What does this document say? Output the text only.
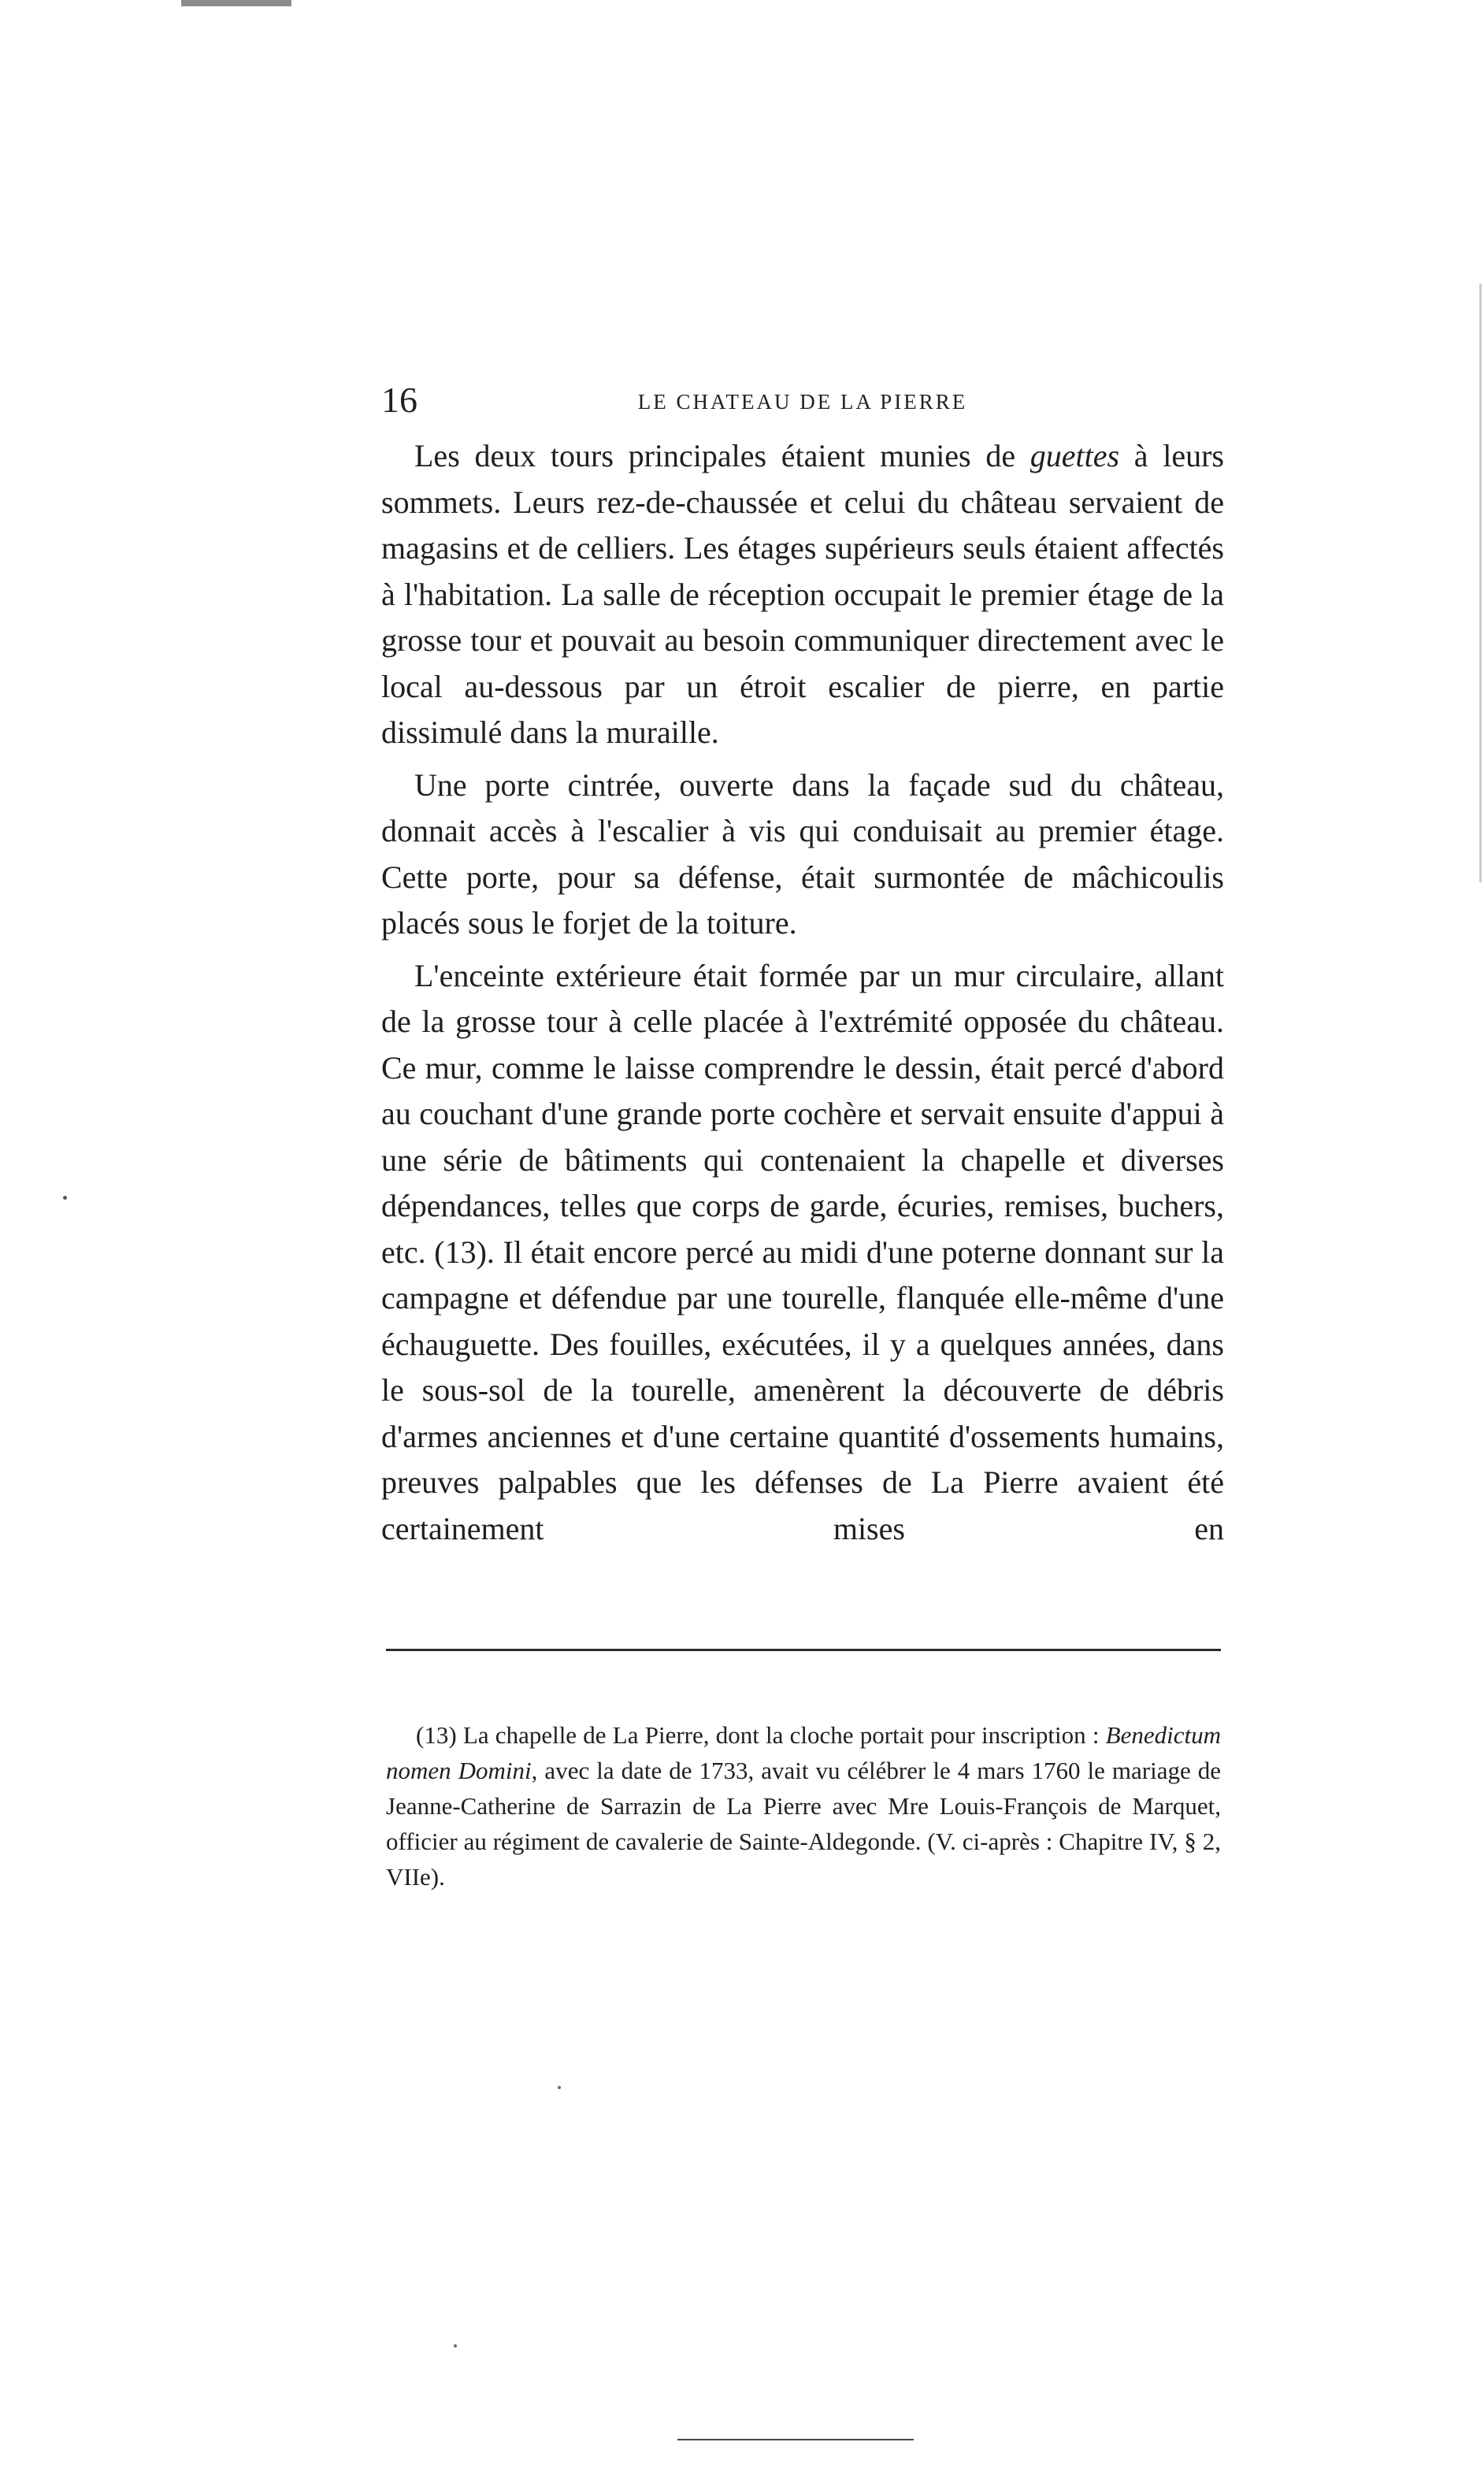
16	LE CHATEAU DE LA PIERRE

Les deux tours principales étaient munies de guettes à leurs sommets. Leurs rez-de-chaussée et celui du château servaient de magasins et de celliers. Les étages supérieurs seuls étaient affectés à l'habitation. La salle de réception occupait le premier étage de la grosse tour et pouvait au besoin communiquer directement avec le local au-dessous par un étroit escalier de pierre, en partie dissimulé dans la muraille.

Une porte cintrée, ouverte dans la façade sud du château, donnait accès à l'escalier à vis qui conduisait au premier étage. Cette porte, pour sa défense, était surmontée de mâchicoulis placés sous le forjet de la toiture.

L'enceinte extérieure était formée par un mur circulaire, allant de la grosse tour à celle placée à l'extrémité opposée du château. Ce mur, comme le laisse comprendre le dessin, était percé d'abord au couchant d'une grande porte cochère et servait ensuite d'appui à une série de bâtiments qui contenaient la chapelle et diverses dépendances, telles que corps de garde, écuries, remises, buchers, etc. (13). Il était encore percé au midi d'une poterne donnant sur la campagne et défendue par une tourelle, flanquée elle-même d'une échauguette. Des fouilles, exécutées, il y a quelques années, dans le sous-sol de la tourelle, amenèrent la découverte de débris d'armes anciennes et d'une certaine quantité d'ossements humains, preuves palpables que les défenses de La Pierre avaient été certainement mises en

(13) La chapelle de La Pierre, dont la cloche portait pour inscription : Benedictum nomen Domini, avec la date de 1733, avait vu célébrer le 4 mars 1760 le mariage de Jeanne-Catherine de Sarrazin de La Pierre avec Mre Louis-François de Marquet, officier au régiment de cavalerie de Sainte-Aldegonde. (V. ci-après : Chapitre IV, § 2, VIIe).
